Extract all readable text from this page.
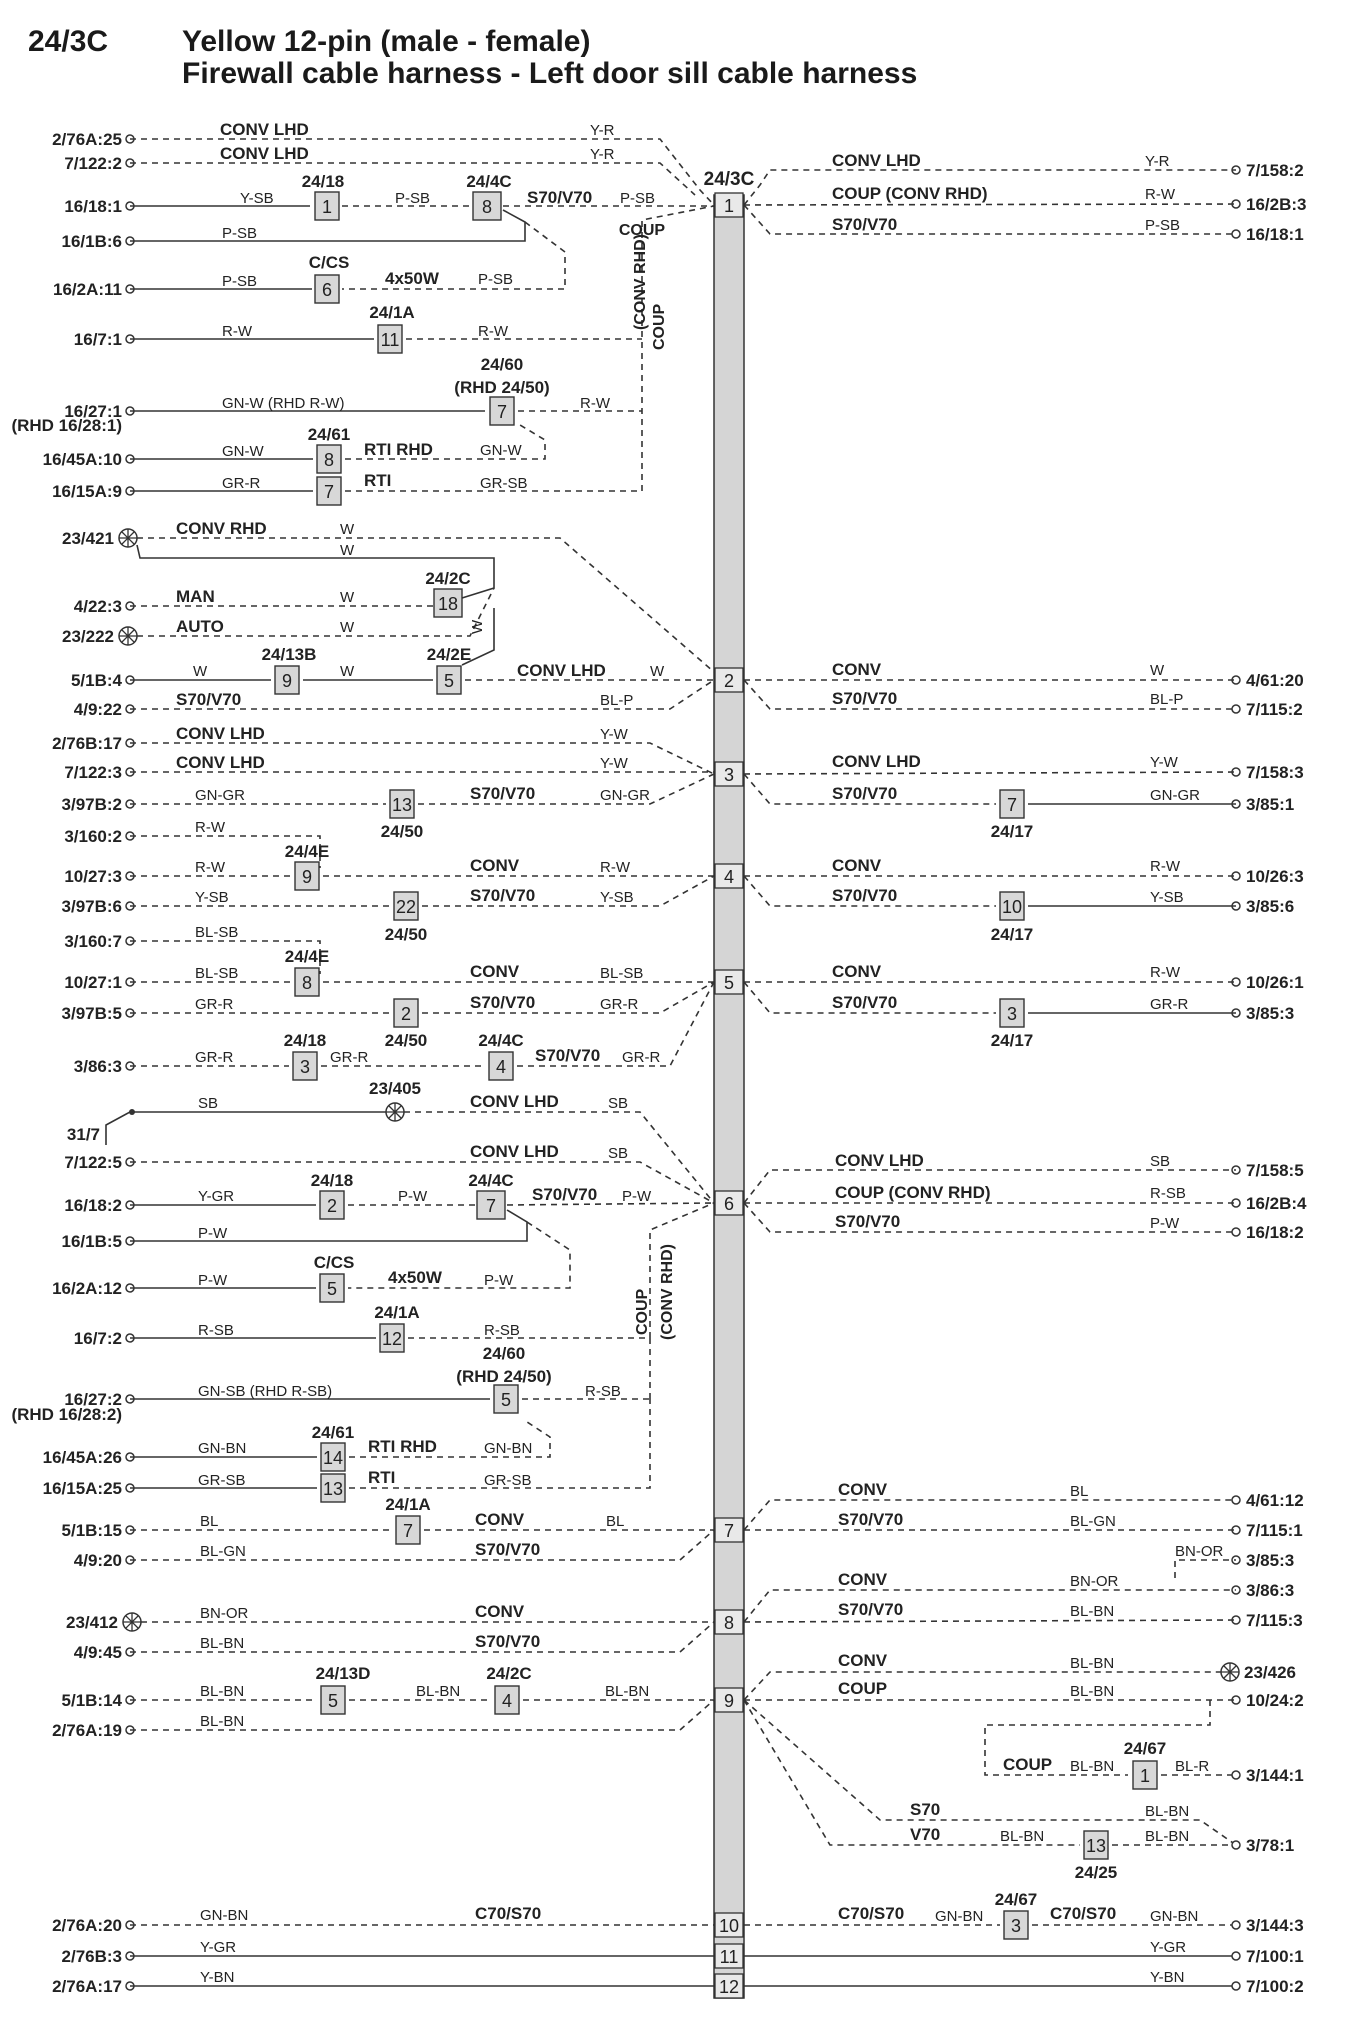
24/3C Yellow 12-pin (male - female)
Firewall cable harness - Left door sill cable harness
24/3C
1
2
3
4
5
6
7
8
9
10
11
12
2/76A:25
7/122:2
16/18:1
16/1B:6
16/2A:11
16/7:1
16/27:1
(RHD 16/28:1)
16/45A:10
16/15A:9
CONV LHD
CONV LHD
Y-R
Y-R
1
24/18
Y-SB	P-SB	8
24/4C
S70/V70 P-SB
P-SB
6
C/CS
P-SB	4x50W	P-SB
11
24/1A
R-W	R-W
7
24/60
(RHD 24/50)
GN-W (RHD R-W)	R-W
8
24/61
GN-W	RTI RHD	GN-W
7
GR-R	RTI	GR-SB
COUP
(CONV RHD) COUP
7/158:2
16/2B:3
16/18:1
CONV LHD	Y-R
COUP (CONV RHD)	R-W
S70/V70	P-SB
23/421
4/22:3
23/222
5/1B:4
4/9:22
CONV RHD	W
W
18
24/2C
MAN	W
AUTO	W	W
9
24/13B
W	W	5
24/2E
CONV LHD	W
S70/V70	BL-P
4/61:20
7/115:2
CONV	W
S70/V70	BL-P
2/76B:17
7/122:3
3/97B:2
CONV LHD	Y-W
CONV LHD	Y-W
13
24/50
GN-GR	S70/V70	GN-GR
7/158:3
3/85:1
CONV LHD	Y-W
S70/V70
7
24/17
GN-GR
3/160:2
10/27:3
3/97B:6
R-W
9
24/4E
R-W	CONV	R-W
22
24/50
Y-SB	S70/V70	Y-SB
10/26:3
3/85:6
CONV	R-W
S70/V70
10
24/17
Y-SB
3/160:7
10/27:1
3/97B:5
3/86:3
BL-SB
8
24/4E
BL-SB	CONV	BL-SB
2
24/50
GR-R	S70/V70	GR-R
3
24/18
GR-R	GR-R	4
24/4C
S70/V70 GR-R
10/26:1
3/85:3
CONV	R-W
S70/V70
3
24/17
GR-R
31/7
23/405
CONV LHD	SB
SB
7/122:5
16/18:2
16/1B:5
16/2A:12
16/7:2
16/27:2
(RHD 16/28:2)
16/45A:26
16/15A:25
CONV LHD	SB
2
24/18
Y-GR	P-W	7
24/4C
S70/V70 P-W
P-W
5
C/CS
P-W	4x50W	P-W
12
24/1A
R-SB	R-SB
5
24/60
(RHD 24/50)
GN-SB (RHD R-SB)	R-SB
14
24/61
GN-BN	RTI RHD	GN-BN
13
GR-SB	RTI	GR-SB
COUP (CONV RHD)
7/158:5
16/2B:4
16/18:2
CONV LHD	SB
COUP (CONV RHD)	R-SB
S70/V70	P-W
5/1B:15
4/9:20
7
24/1A
BL	CONV	BL
BL-GN	S70/V70
4/61:12
7/115:1
CONV	BL
S70/V70	BL-GN
23/412
4/9:45
BN-OR	CONV
BL-BN	S70/V70
3/85:3
3/86:3
7/115:3
BN-OR
CONV	BN-OR
S70/V70	BL-BN
5/1B:14
2/76A:19
5
24/13D
BL-BN	BL-BN 4
24/2C
BL-BN
BL-BN
23/426
CONV	BL-BN
10/24:2
COUP	BL-BN
COUP BL-BN 1
24/67
BL-R 3/144:1
S70	BL-BN
V70	BL-BN 13
24/25
BL-BN	3/78:1
2/76A:20
2/76B:3
2/76A:17
GN-BN	C70/S70
Y-GR
Y-BN
C70/S70 GN-BN 3
24/67
C70/S70 GN-BN	3/144:3
Y-GR	7/100:1
Y-BN	7/100:2
